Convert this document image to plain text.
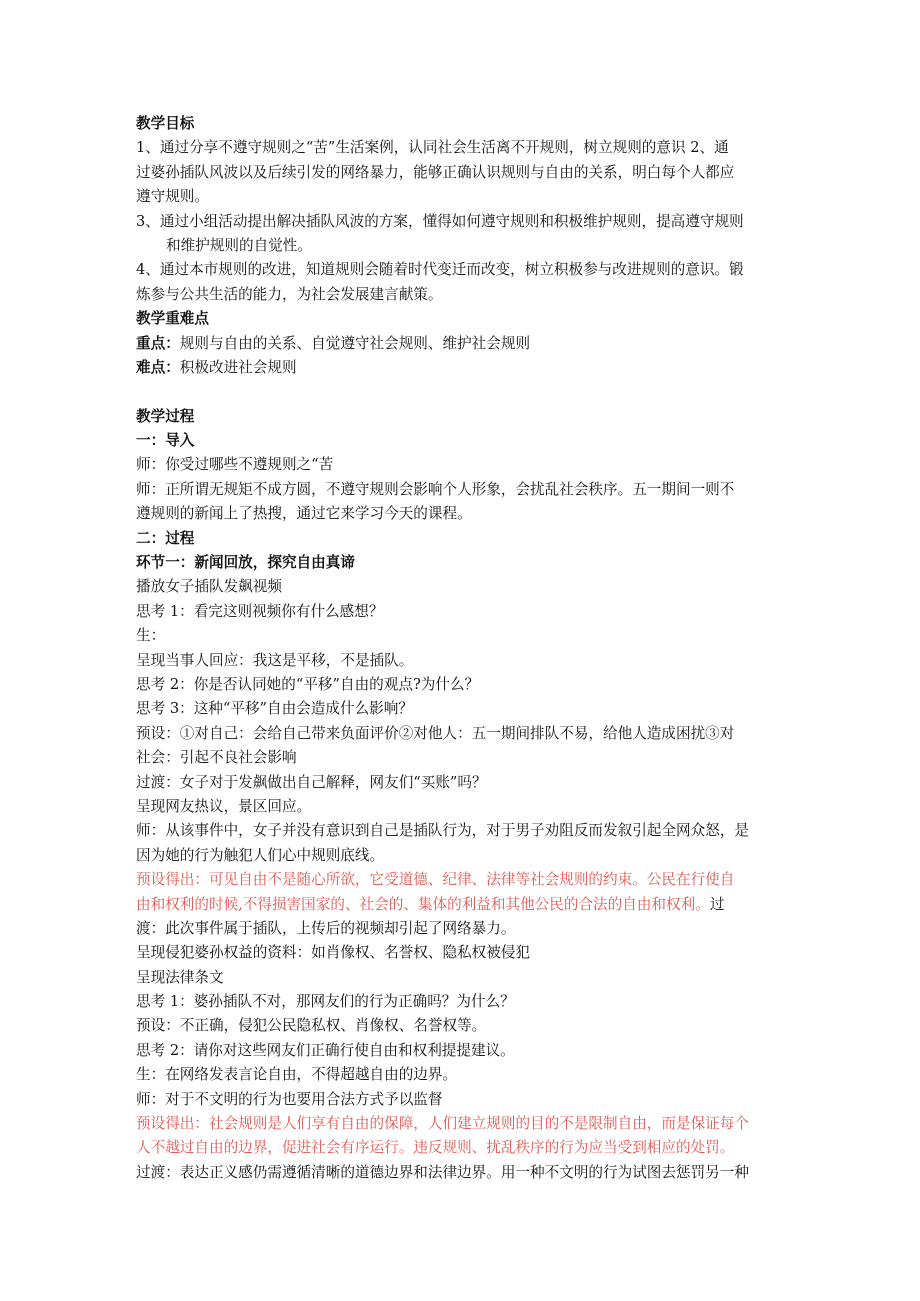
教学目标
1、通过分享不遵守规则之“苦”生活案例，认同社会生活离不开规则，树立规则的意识 2、通
过婆孙插队风波以及后续引发的网络暴力，能够正确认识规则与自由的关系，明白每个人都应
遵守规则。
3、通过小组活动提出解决插队风波的方案，懂得如何遵守规则和积极维护规则，提高遵守规则
和维护规则的自觉性。
4、通过本市规则的改进，知道规则会随着时代变迁而改变，树立积极参与改进规则的意识。锻
炼参与公共生活的能力，为社会发展建言献策。
教学重难点
重点：规则与自由的关系、自觉遵守社会规则、维护社会规则
难点：积极改进社会规则
教学过程
一：导入
师：你受过哪些不遵规则之“苦
师：正所谓无规矩不成方圆，不遵守规则会影响个人形象，会扰乱社会秩序。五一期间一则不
遵规则的新闻上了热搜，通过它来学习今天的课程。
二：过程
环节一：新闻回放，探究自由真谛
播放女子插队发飙视频
思考 1：看完这则视频你有什么感想？
生：
呈现当事人回应：我这是平移，不是插队。
思考 2：你是否认同她的“平移”自由的观点?为什么？
思考 3：这种“平移”自由会造成什么影响？
预设：①对自己：会给自己带来负面评价②对他人：五一期间排队不易，给他人造成困扰③对
社会：引起不良社会影响
过渡：女子对于发飙做出自己解释，网友们“买账”吗？
呈现网友热议，景区回应。
师：从该事件中，女子并没有意识到自己是插队行为，对于男子劝阻反而发叙引起全网众怒，是
因为她的行为触犯人们心中规则底线。
预设得出：可见自由不是随心所欲，它受道德、纪律、法律等社会规则的约束。公民在行使自
由和权利的时候,不得损害国家的、社会的、集体的利益和其他公民的合法的自由和权利。过
渡：此次事件属于插队，上传后的视频却引起了网络暴力。
呈现侵犯婆孙权益的资料：如肖像权、名誉权、隐私权被侵犯
呈现法律条文
思考 1：婆孙插队不对，那网友们的行为正确吗？为什么？
预设：不正确，侵犯公民隐私权、肖像权、名誉权等。
思考 2：请你对这些网友们正确行使自由和权利提提建议。
生：在网络发表言论自由，不得超越自由的边界。
师：对于不文明的行为也要用合法方式予以监督
预设得出：社会规则是人们享有自由的保障，人们建立规则的目的不是限制自由，而是保证每个
人不越过自由的边界，促进社会有序运行。违反规则、扰乱秩序的行为应当受到相应的处罚。
过渡：表达正义感仍需遵循清晰的道德边界和法律边界。用一种不文明的行为试图去惩罚另一种
